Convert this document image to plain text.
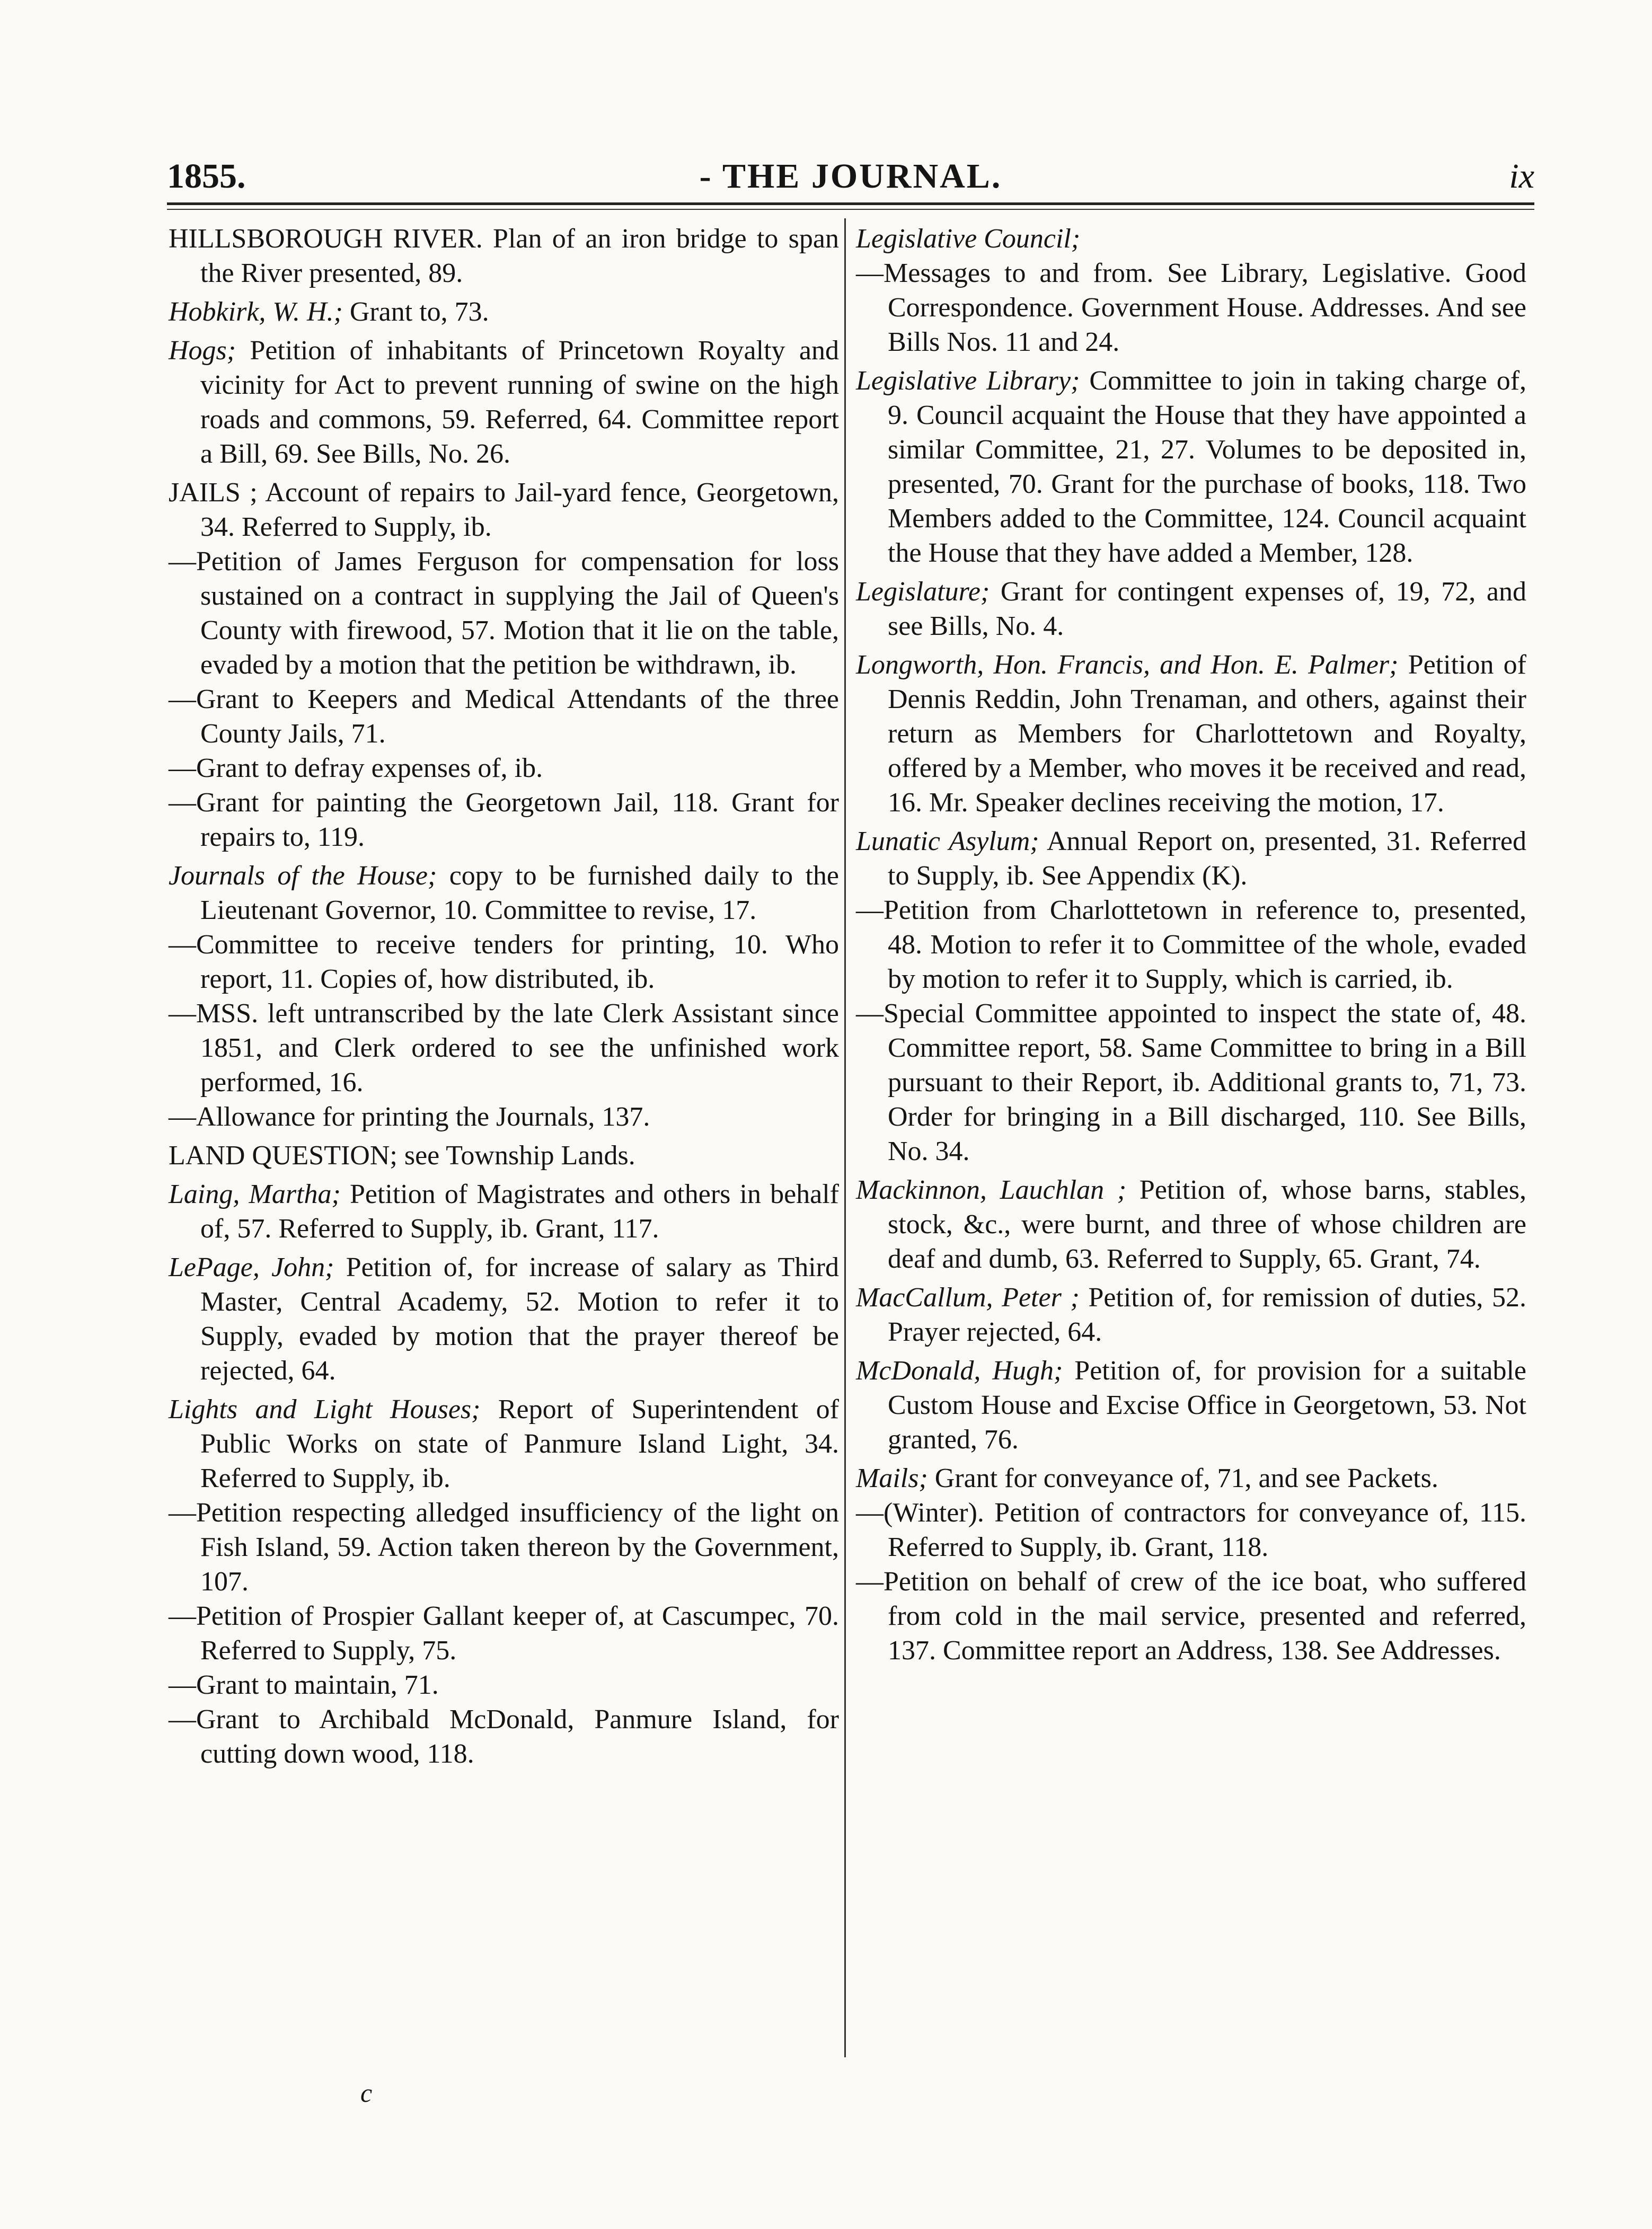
1855.	- THE JOURNAL.	ix

HILLSBOROUGH RIVER. Plan of an iron bridge to span the River presented, 89.

Hobkirk, W. H.; Grant to, 73.

Hogs; Petition of inhabitants of Princetown Royalty and vicinity for Act to prevent running of swine on the high roads and commons, 59. Referred, 64. Committee report a Bill, 69. See Bills, No. 26.

JAILS ; Account of repairs to Jail-yard fence, Georgetown, 34. Referred to Supply, ib.

—Petition of James Ferguson for compensation for loss sustained on a contract in supplying the Jail of Queen's County with firewood, 57. Motion that it lie on the table, evaded by a motion that the petition be withdrawn, ib.

—Grant to Keepers and Medical Attendants of the three County Jails, 71.

—Grant to defray expenses of, ib.

—Grant for painting the Georgetown Jail, 118. Grant for repairs to, 119.

Journals of the House; copy to be furnished daily to the Lieutenant Governor, 10. Committee to revise, 17.

—Committee to receive tenders for printing, 10. Who report, 11. Copies of, how distributed, ib.

—MSS. left untranscribed by the late Clerk Assistant since 1851, and Clerk ordered to see the unfinished work performed, 16.

—Allowance for printing the Journals, 137.

LAND QUESTION; see Township Lands.

Laing, Martha; Petition of Magistrates and others in behalf of, 57. Referred to Supply, ib. Grant, 117.

LePage, John; Petition of, for increase of salary as Third Master, Central Academy, 52. Motion to refer it to Supply, evaded by motion that the prayer thereof be rejected, 64.

Lights and Light Houses; Report of Superintendent of Public Works on state of Panmure Island Light, 34. Referred to Supply, ib.

—Petition respecting alledged insufficiency of the light on Fish Island, 59. Action taken thereon by the Government, 107.

—Petition of Prospier Gallant keeper of, at Cascumpec, 70. Referred to Supply, 75.

—Grant to maintain, 71.

—Grant to Archibald McDonald, Panmure Island, for cutting down wood, 118.

Legislative Council;

—Messages to and from. See Library, Legislative. Good Correspondence. Government House. Addresses. And see Bills Nos. 11 and 24.

Legislative Library; Committee to join in taking charge of, 9. Council acquaint the House that they have appointed a similar Committee, 21, 27. Volumes to be deposited in, presented, 70. Grant for the purchase of books, 118. Two Members added to the Committee, 124. Council acquaint the House that they have added a Member, 128.

Legislature; Grant for contingent expenses of, 19, 72, and see Bills, No. 4.

Longworth, Hon. Francis, and Hon. E. Palmer; Petition of Dennis Reddin, John Trenaman, and others, against their return as Members for Charlottetown and Royalty, offered by a Member, who moves it be received and read, 16. Mr. Speaker declines receiving the motion, 17.

Lunatic Asylum; Annual Report on, presented, 31. Referred to Supply, ib. See Appendix (K).

—Petition from Charlottetown in reference to, presented, 48. Motion to refer it to Committee of the whole, evaded by motion to refer it to Supply, which is carried, ib.

—Special Committee appointed to inspect the state of, 48. Committee report, 58. Same Committee to bring in a Bill pursuant to their Report, ib. Additional grants to, 71, 73. Order for bringing in a Bill discharged, 110. See Bills, No. 34.

Mackinnon, Lauchlan ; Petition of, whose barns, stables, stock, &c., were burnt, and three of whose children are deaf and dumb, 63. Referred to Supply, 65. Grant, 74.

MacCallum, Peter ; Petition of, for remission of duties, 52. Prayer rejected, 64.

McDonald, Hugh; Petition of, for provision for a suitable Custom House and Excise Office in Georgetown, 53. Not granted, 76.

Mails; Grant for conveyance of, 71, and see Packets.

—(Winter). Petition of contractors for conveyance of, 115. Referred to Supply, ib. Grant, 118.

—Petition on behalf of crew of the ice boat, who suffered from cold in the mail service, presented and referred, 137. Committee report an Address, 138. See Addresses.

c
